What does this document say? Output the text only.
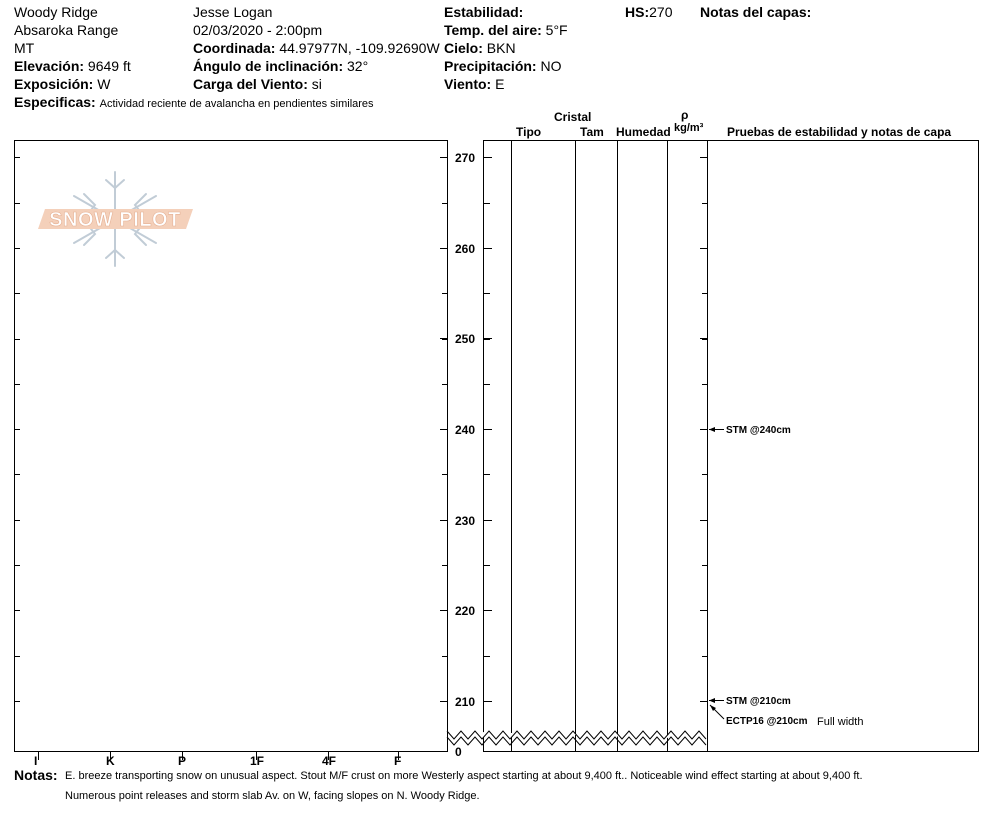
Woody Ridge
Absaroka Range
MT
Elevación: 9649 ft
Exposición: W
Especificas: Actividad reciente de avalancha en pendientes similares
Jesse Logan
02/03/2020 - 2:00pm
Coordinada: 44.97977N, -109.92690W
Ángulo de inclinación: 32°
Carga del Viento: si
Estabilidad:
Temp. del aire: 5°F
Cielo: BKN
Precipitación: NO
Viento: E
HS:270 Notas del capas:
Cristal
Tipo	Tam Humedad
ρ
kg/m³ Pruebas de estabilidad y notas de capa
SNOW PILOT
I	K	P	1F	4F	F
270
260
250
240
230
220
210
0
STM @240cm
STM @210cm
ECTP16 @210cm Full width
Notas: E. breeze transporting snow on unusual aspect. Stout M/F crust on more Westerly aspect starting at about 9,400 ft.. Noticeable wind effect starting at about 9,400 ft.
Numerous point releases and storm slab Av. on W, facing slopes on N. Woody Ridge.
